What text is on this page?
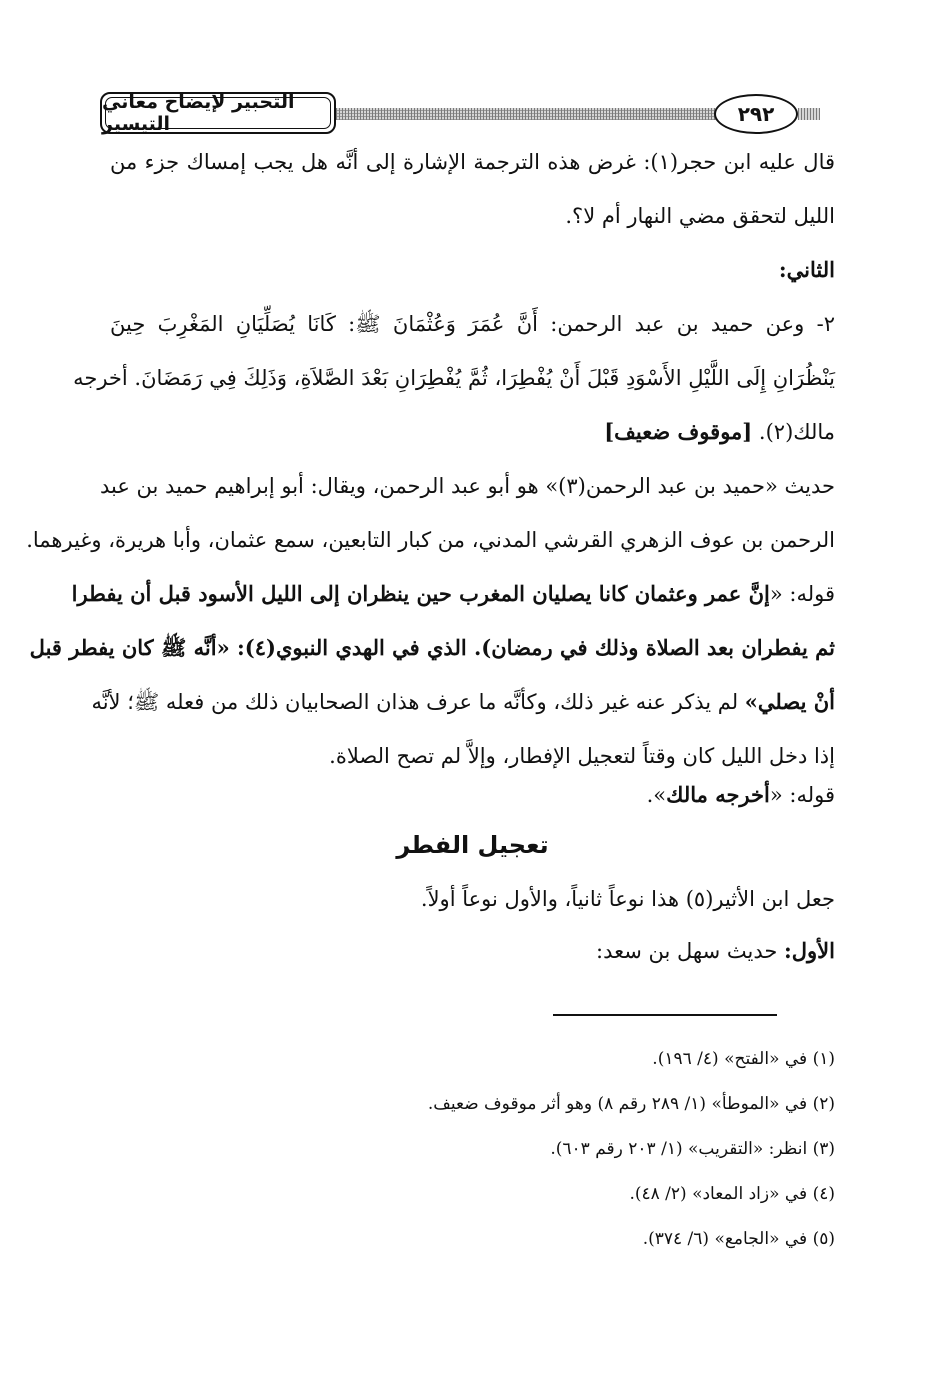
التحبير لإيضاح معاني التيسير	٢٩٢

قال عليه ابن حجر(١): غرض هذه الترجمة الإشارة إلى أنَّه هل يجب إمساك جزء من

الليل لتحقق مضي النهار أم لا؟.

الثاني:

٢- وعن حميد بن عبد الرحمن: أَنَّ عُمَرَ وَعُثْمَانَ ﷺ: كَانَا يُصَلِّيَانِ المَغْرِبَ حِينَ

يَنْظُرَانِ إِلَى اللَّيْلِ الأَسْوَدِ قَبْلَ أَنْ يُفْطِرَا، ثُمَّ يُفْطِرَانِ بَعْدَ الصَّلاَةِ، وَذَلِكَ فِي رَمَضَانَ. أخرجه

مالك(٢). [موقوف ضعيف]

حديث «حميد بن عبد الرحمن(٣)» هو أبو عبد الرحمن، ويقال: أبو إبراهيم حميد بن عبد

الرحمن بن عوف الزهري القرشي المدني، من كبار التابعين، سمع عثمان، وأبا هريرة، وغيرهما.

قوله: «إنَّ عمر وعثمان كانا يصليان المغرب حين ينظران إلى الليل الأسود قبل أن يفطرا

ثم يفطران بعد الصلاة وذلك في رمضان). الذي في الهدي النبوي(٤): «أنَّه ﷺ كان يفطر قبل

أنْ يصلي» لم يذكر عنه غير ذلك، وكأنَّه ما عرف هذان الصحابيان ذلك من فعله ﷺ؛ لأنَّه

إذا دخل الليل كان وقتاً لتعجيل الإفطار، وإلاَّ لم تصح الصلاة.

قوله: «أخرجه مالك».

تعجيل الفطر

جعل ابن الأثير(٥) هذا نوعاً ثانياً، والأول نوعاً أولاً.

الأول: حديث سهل بن سعد:

(١) في «الفتح» (٤/ ١٩٦).
(٢) في «الموطأ» (١/ ٢٨٩ رقم ٨) وهو أثر موقوف ضعيف.
(٣) انظر: «التقريب» (١/ ٢٠٣ رقم ٦٠٣).
(٤) في «زاد المعاد» (٢/ ٤٨).
(٥) في «الجامع» (٦/ ٣٧٤).
